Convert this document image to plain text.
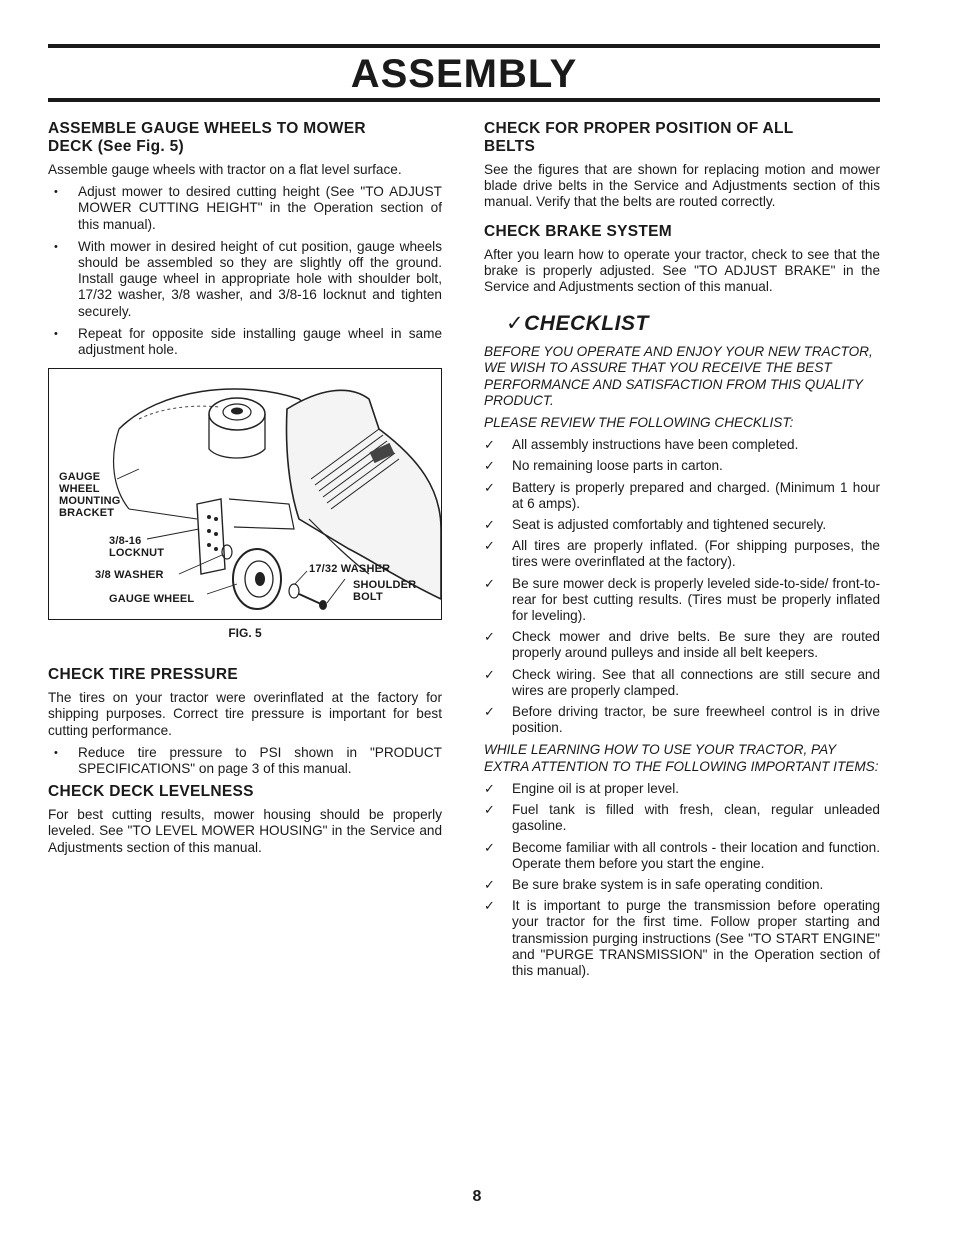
ASSEMBLY
ASSEMBLE GAUGE WHEELS TO MOWER
DECK (See Fig. 5)

Assemble gauge wheels with tractor on a flat level surface.

• Adjust mower to desired cutting height (See "TO ADJUST MOWER CUTTING HEIGHT" in the Operation section of this manual).
• With mower in desired height of cut position, gauge wheels should be assembled so they are slightly off the ground. Install gauge wheel in appropriate hole with shoulder bolt, 17/32 washer, 3/8 washer, and 3/8-16 locknut and tighten securely.
• Repeat for opposite side installing gauge wheel in same adjustment hole.
GAUGE
WHEEL
MOUNTING
BRACKET
3/8-16
LOCKNUT
3/8 WASHER
GAUGE WHEEL
17/32 WASHER
SHOULDER
BOLT
FIG. 5
CHECK TIRE PRESSURE

The tires on your tractor were overinflated at the factory for shipping purposes. Correct tire pressure is important for best cutting performance.

• Reduce tire pressure to PSI shown in "PRODUCT SPECIFICATIONS" on page 3 of this manual.
CHECK DECK LEVELNESS

For best cutting results, mower housing should be properly leveled. See "TO LEVEL MOWER HOUSING" in the Service and Adjustments section of this manual.

CHECK FOR PROPER POSITION OF ALL
BELTS

See the figures that are shown for replacing motion and mower blade drive belts in the Service and Adjustments section of this manual. Verify that the belts are routed correctly.

CHECK BRAKE SYSTEM

After you learn how to operate your tractor, check to see that the brake is properly adjusted. See "TO ADJUST BRAKE" in the Service and Adjustments section of this manual.

✓CHECKLIST

BEFORE YOU OPERATE AND ENJOY YOUR NEW TRACTOR, WE WISH TO ASSURE THAT YOU RECEIVE THE BEST PERFORMANCE AND SATISFACTION FROM THIS QUALITY PRODUCT.

PLEASE REVIEW THE FOLLOWING CHECKLIST:

✓ All assembly instructions have been completed.
✓ No remaining loose parts in carton.
✓ Battery is properly prepared and charged. (Minimum 1 hour at 6 amps).
✓ Seat is adjusted comfortably and tightened securely.
✓ All tires are properly inflated. (For shipping purposes, the tires were overinflated at the factory).
✓ Be sure mower deck is properly leveled side-to-side/ front-to-rear for best cutting results. (Tires must be properly inflated for leveling).
✓ Check mower and drive belts. Be sure they are routed properly around pulleys and inside all belt keepers.
✓ Check wiring. See that all connections are still secure and wires are properly clamped.
✓ Before driving tractor, be sure freewheel control is in drive position.

WHILE LEARNING HOW TO USE YOUR TRACTOR, PAY EXTRA ATTENTION TO THE FOLLOWING IMPORTANT ITEMS:

✓ Engine oil is at proper level.
✓ Fuel tank is filled with fresh, clean, regular unleaded gasoline.
✓ Become familiar with all controls - their location and function. Operate them before you start the engine.
✓ Be sure brake system is in safe operating condition.
✓ It is important to purge the transmission before operating your tractor for the first time. Follow proper starting and transmission purging instructions (See "TO START ENGINE" and "PURGE TRANSMISSION" in the Operation section of this manual).
8
